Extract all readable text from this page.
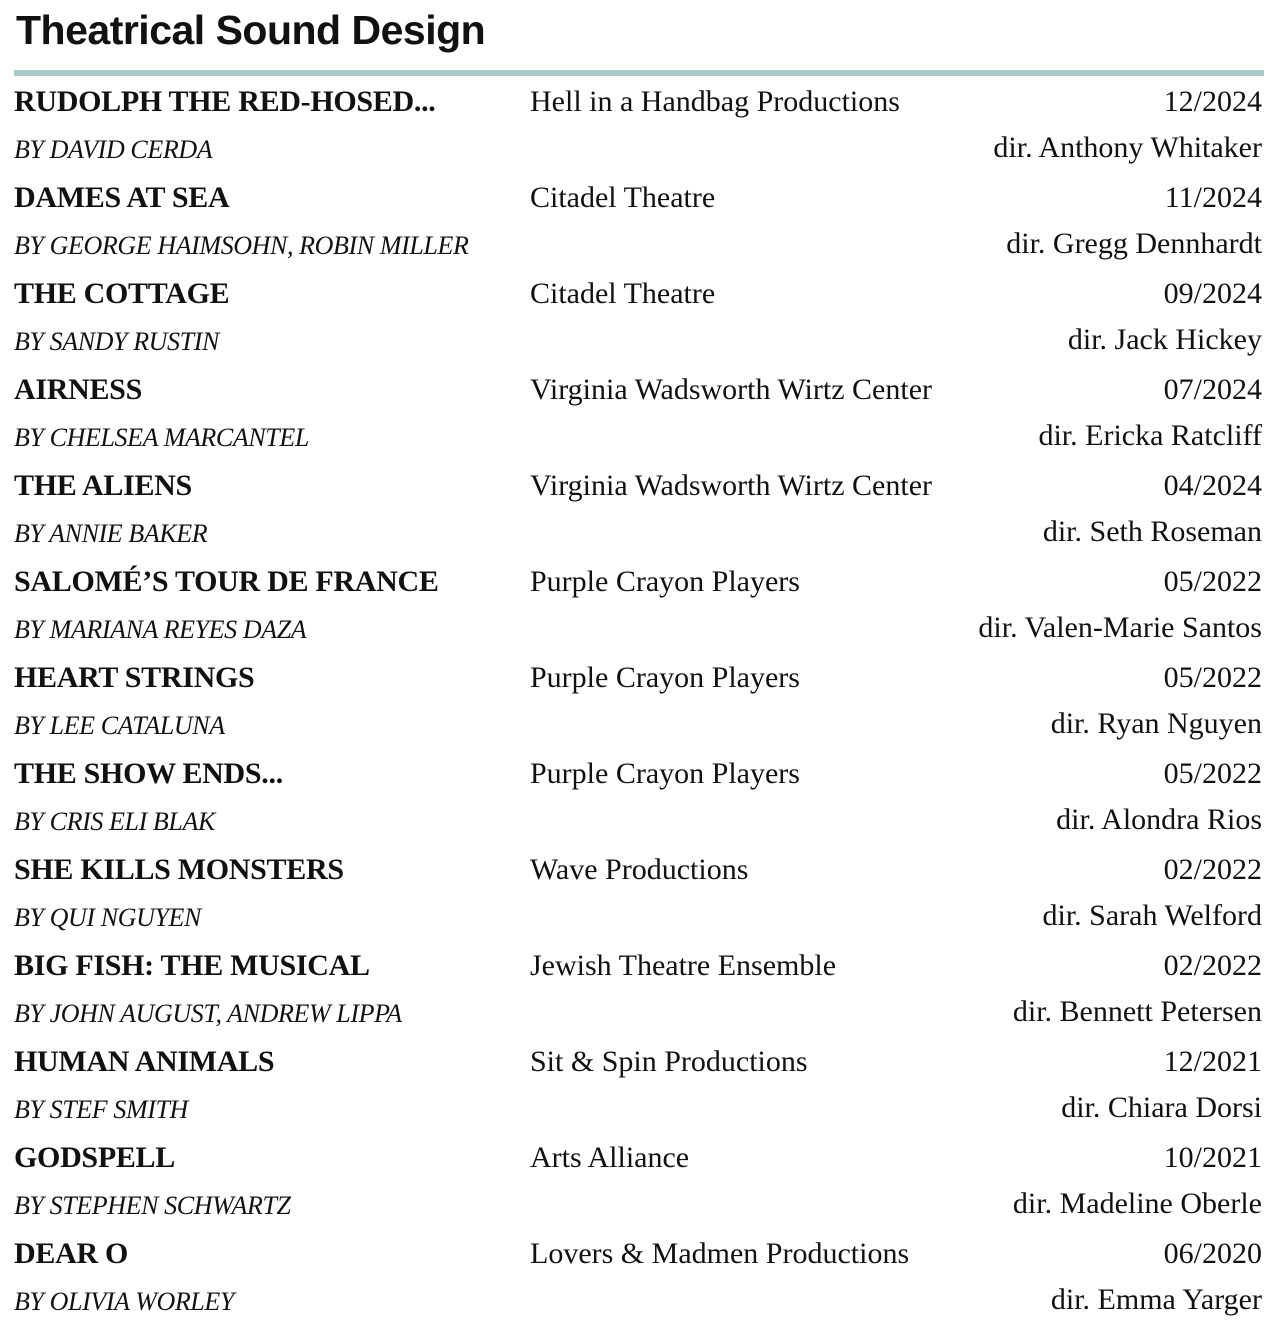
Theatrical Sound Design
RUDOLPH THE RED-HOSED...	Hell in a Handbag Productions	12/2024
BY DAVID CERDA	dir. Anthony Whitaker
DAMES AT SEA	Citadel Theatre	11/2024
BY GEORGE HAIMSOHN, ROBIN MILLER	dir. Gregg Dennhardt
THE COTTAGE	Citadel Theatre	09/2024
BY SANDY RUSTIN	dir. Jack Hickey
AIRNESS	Virginia Wadsworth Wirtz Center	07/2024
BY CHELSEA MARCANTEL	dir. Ericka Ratcliff
THE ALIENS	Virginia Wadsworth Wirtz Center	04/2024
BY ANNIE BAKER	dir. Seth Roseman
SALOMÉ’S TOUR DE FRANCE	Purple Crayon Players	05/2022
BY MARIANA REYES DAZA	dir. Valen-Marie Santos
HEART STRINGS	Purple Crayon Players	05/2022
BY LEE CATALUNA	dir. Ryan Nguyen
THE SHOW ENDS...	Purple Crayon Players	05/2022
BY CRIS ELI BLAK	dir. Alondra Rios
SHE KILLS MONSTERS	Wave Productions	02/2022
BY QUI NGUYEN	dir. Sarah Welford
BIG FISH: THE MUSICAL	Jewish Theatre Ensemble	02/2022
BY JOHN AUGUST, ANDREW LIPPA	dir. Bennett Petersen
HUMAN ANIMALS	Sit & Spin Productions	12/2021
BY STEF SMITH	dir. Chiara Dorsi
GODSPELL	Arts Alliance	10/2021
BY STEPHEN SCHWARTZ	dir. Madeline Oberle
DEAR O	Lovers & Madmen Productions	06/2020
BY OLIVIA WORLEY	dir. Emma Yarger
